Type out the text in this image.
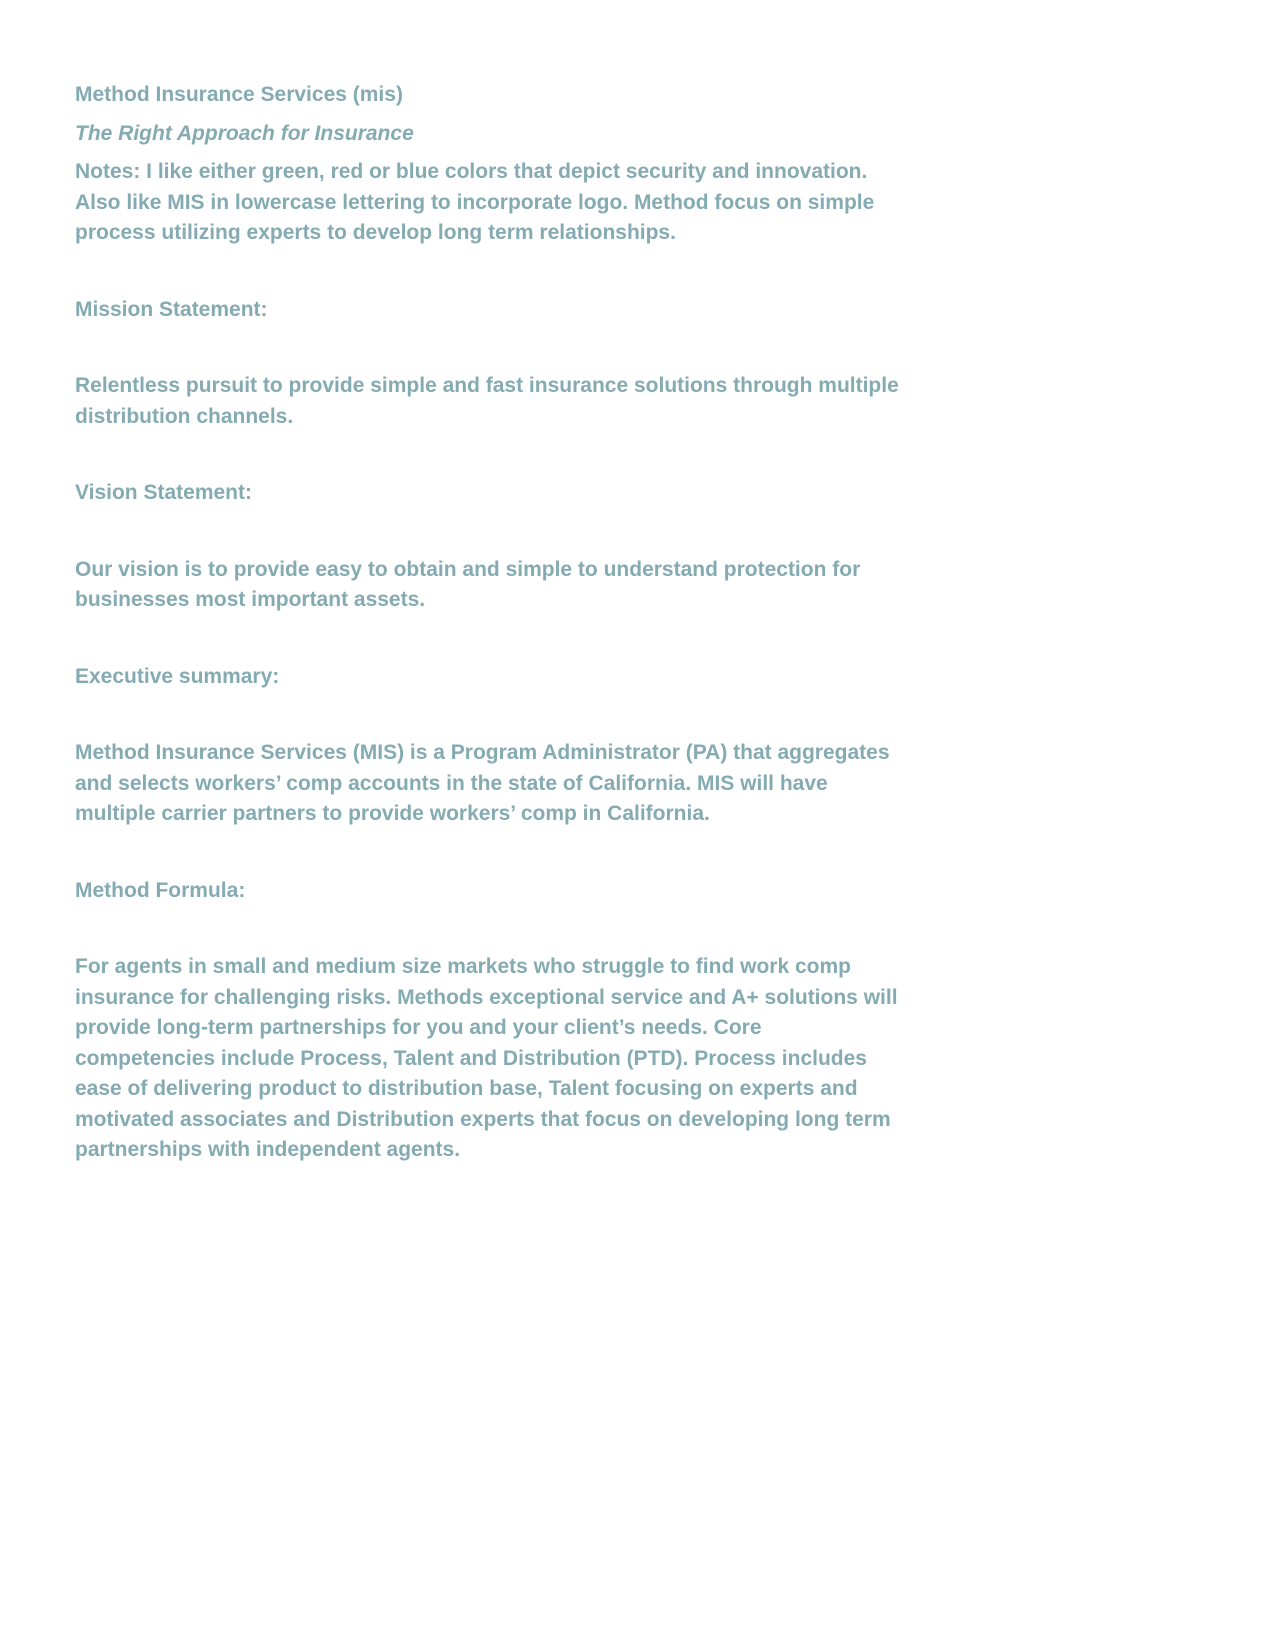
Method Insurance Services (mis)

The Right Approach for Insurance

Notes: I like either green, red or blue colors that depict security and innovation.

Also like MIS in lowercase lettering to incorporate logo. Method focus on simple

process utilizing experts to develop long term relationships.

Mission Statement:

Relentless pursuit to provide simple and fast insurance solutions through multiple

distribution channels.

Vision Statement:

Our vision is to provide easy to obtain and simple to understand protection for

businesses most important assets.

Executive summary:

Method Insurance Services (MIS) is a Program Administrator (PA) that aggregates

and selects workers’ comp accounts in the state of California. MIS will have

multiple carrier partners to provide workers’ comp in California.

Method Formula:

For agents in small and medium size markets who struggle to find work comp

insurance for challenging risks. Methods exceptional service and A+ solutions will

provide long-term partnerships for you and your client’s needs. Core

competencies include Process, Talent and Distribution (PTD). Process includes

ease of delivering product to distribution base, Talent focusing on experts and

motivated associates and Distribution experts that focus on developing long term

partnerships with independent agents.
